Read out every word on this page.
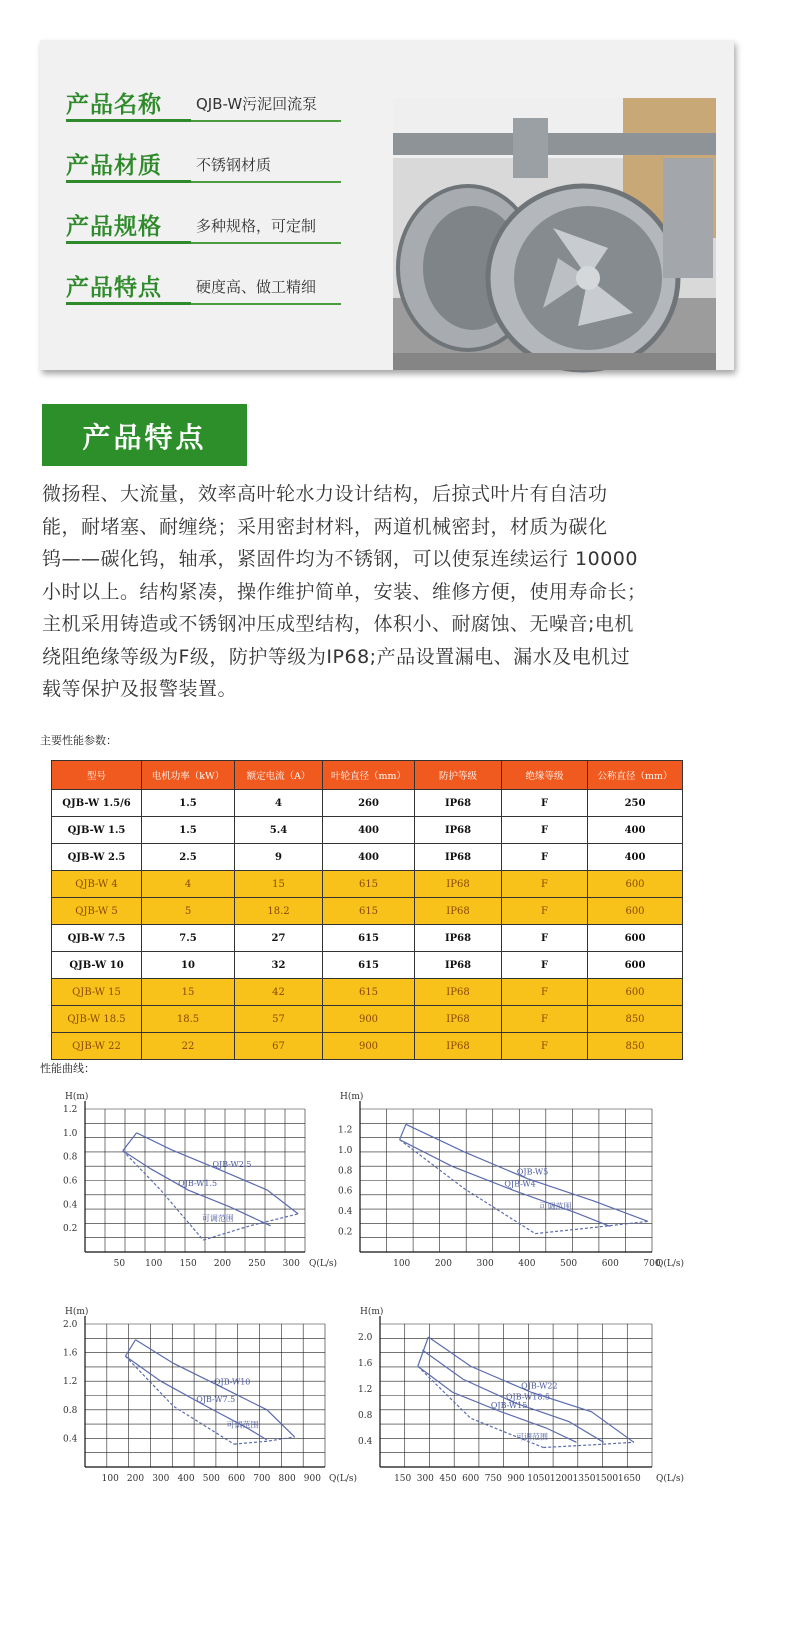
产品名称 QJB-W污泥回流泵
产品材质 不锈钢材质
产品规格 多种规格，可定制
产品特点 硬度高、做工精细
产品特点
微扬程、大流量，效率高叶轮水力设计结构，后掠式叶片有自洁功
能，耐堵塞、耐缠绕；采用密封材料，两道机械密封，材质为碳化
钨——碳化钨，轴承，紧固件均为不锈钢，可以使泵连续运行 10000
小时以上。结构紧凑，操作维护简单，安装、维修方便，使用寿命长；
主机采用铸造或不锈钢冲压成型结构，体积小、耐腐蚀、无噪音;电机
绕阻绝缘等级为F级，防护等级为IP68;产品设置漏电、漏水及电机过
载等保护及报警装置。
主要性能参数：
型号	电机功率（kW）	额定电流（A）	叶轮直径（mm）	防护等级	绝缘等级	公称直径（mm）
QJB-W 1.5/6	1.5	4	260	IP68	F	250
QJB-W 1.5	1.5	5.4	400	IP68	F	400
QJB-W 2.5	2.5	9	400	IP68	F	400
QJB-W 4	4	15	615	IP68	F	600
QJB-W 5	5	18.2	615	IP68	F	600
QJB-W 7.5	7.5	27	615	IP68	F	600
QJB-W 10	10	32	615	IP68	F	600
QJB-W 15	15	42	615	IP68	F	600
QJB-W 18.5	18.5	57	900	IP68	F	850
QJB-W 22	22	67	900	IP68	F	850
性能曲线：
H(m)
Q(L/s)
0.2
0.4
0.6
0.8
1.0
1.2
50 100 150 200 250 300
QJB-W2.5
QJB-W1.5
可调范围
H(m)
Q(L/s)
0.2
0.4
0.6
0.8
1.0
1.2
100	200	300	400	500	600	700
QJB-W5
QJB-W4
可调范围
H(m)
Q(L/s)
0.4
0.8
1.2
1.6
2.0
100 200 300 400 500 600 700 800 900
QJB-W10
QJB-W7.5
可调范围
H(m)
Q(L/s)
0.4
0.8
1.2
1.6
2.0
150 300 450 600 750 900 1050 1200 1350 1500 1650
QJB-W22
QJB-W18.5
QJB-W15
可调范围
